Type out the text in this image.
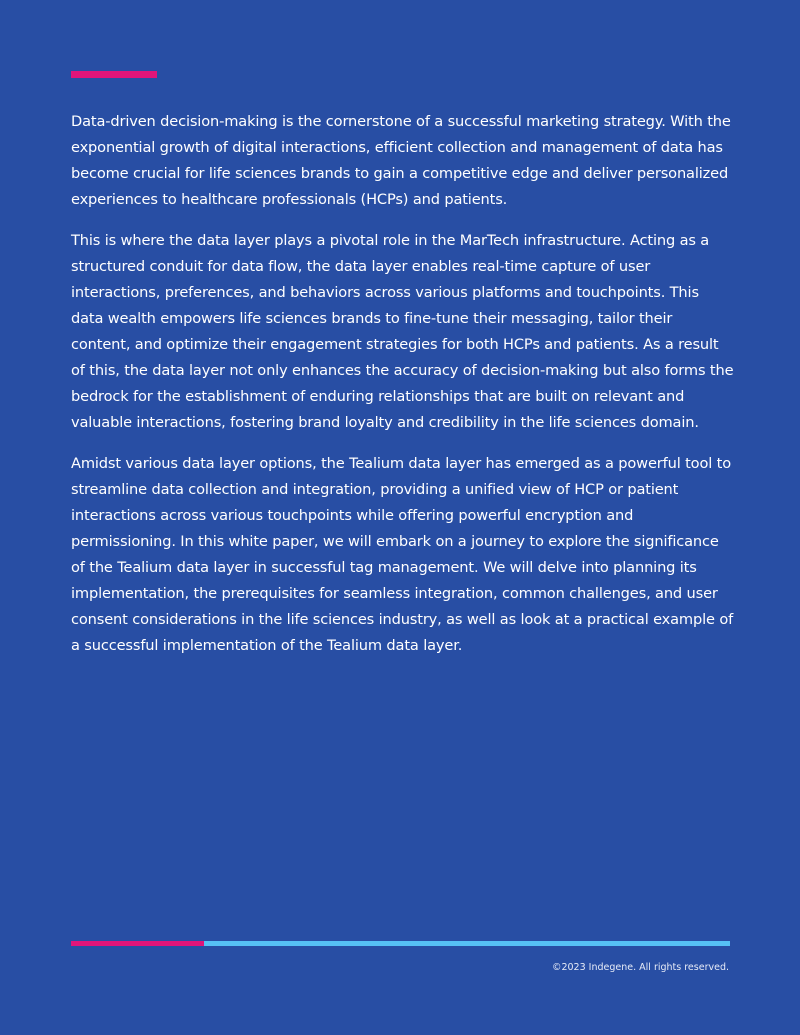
Data-driven decision-making is the cornerstone of a successful marketing strategy. With the exponential growth of digital interactions, efficient collection and management of data has become crucial for life sciences brands to gain a competitive edge and deliver personalized experiences to healthcare professionals (HCPs) and patients.

This is where the data layer plays a pivotal role in the MarTech infrastructure. Acting as a structured conduit for data flow, the data layer enables real-time capture of user interactions, preferences, and behaviors across various platforms and touchpoints. This data wealth empowers life sciences brands to fine-tune their messaging, tailor their content, and optimize their engagement strategies for both HCPs and patients. As a result of this, the data layer not only enhances the accuracy of decision-making but also forms the bedrock for the establishment of enduring relationships that are built on relevant and valuable interactions, fostering brand loyalty and credibility in the life sciences domain.

Amidst various data layer options, the Tealium data layer has emerged as a powerful tool to streamline data collection and integration, providing a unified view of HCP or patient interactions across various touchpoints while offering powerful encryption and permissioning. In this white paper, we will embark on a journey to explore the significance of the Tealium data layer in successful tag management. We will delve into planning its implementation, the prerequisites for seamless integration, common challenges, and user consent considerations in the life sciences industry, as well as look at a practical example of a successful implementation of the Tealium data layer.

©2023 Indegene. All rights reserved.
